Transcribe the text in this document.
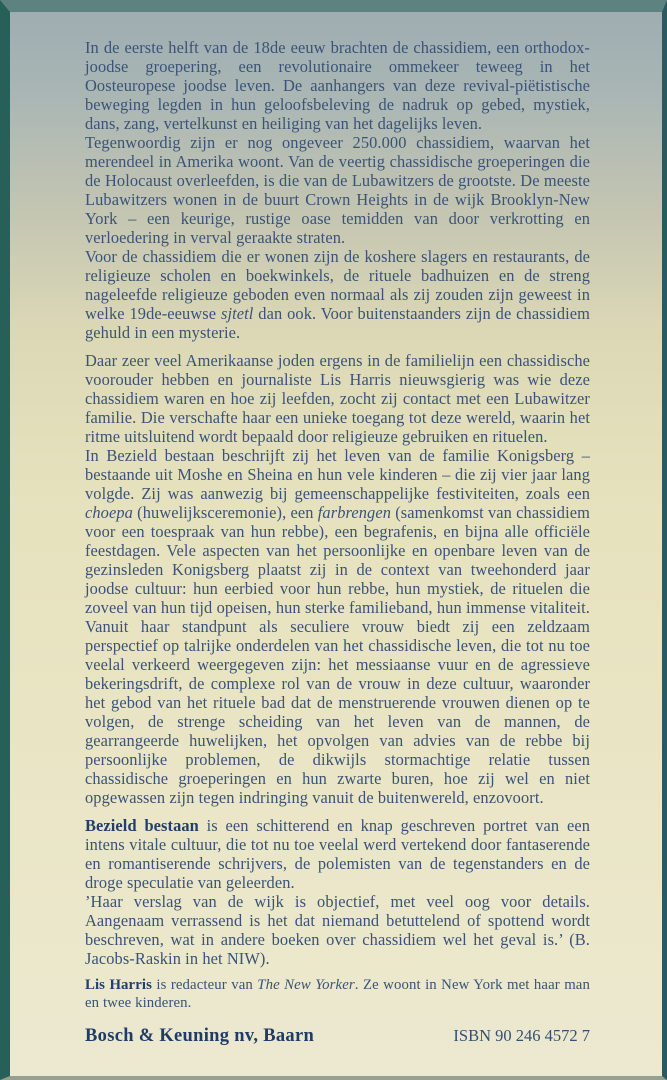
In de eerste helft van de 18de eeuw brachten de chassidiem, een orthodox-joodse groepering, een revolutionaire ommekeer teweeg in het Oosteuropese joodse leven. De aanhangers van deze revival-piëtistische beweging legden in hun geloofsbeleving de nadruk op gebed, mystiek, dans, zang, vertelkunst en heiliging van het dagelijks leven.

Tegenwoordig zijn er nog ongeveer 250.000 chassidiem, waarvan het merendeel in Amerika woont. Van de veertig chassidische groeperingen die de Holocaust overleefden, is die van de Lubawitzers de grootste. De meeste Lubawitzers wonen in de buurt Crown Heights in de wijk Brooklyn-New York – een keurige, rustige oase temidden van door verkrotting en verloedering in verval geraakte straten.

Voor de chassidiem die er wonen zijn de koshere slagers en restaurants, de religieuze scholen en boekwinkels, de rituele badhuizen en de streng nageleefde religieuze geboden even normaal als zij zouden zijn geweest in welke 19de-eeuwse sjtetl dan ook. Voor buitenstaanders zijn de chassidiem gehuld in een mysterie.

Daar zeer veel Amerikaanse joden ergens in de familielijn een chassidische voorouder hebben en journaliste Lis Harris nieuwsgierig was wie deze chassidiem waren en hoe zij leefden, zocht zij contact met een Lubawitzer familie. Die verschafte haar een unieke toegang tot deze wereld, waarin het ritme uitsluitend wordt bepaald door religieuze gebruiken en rituelen.

In Bezield bestaan beschrijft zij het leven van de familie Konigsberg – bestaande uit Moshe en Sheina en hun vele kinderen – die zij vier jaar lang volgde. Zij was aanwezig bij gemeenschappelijke festiviteiten, zoals een choepa (huwelijksceremonie), een farbrengen (samenkomst van chassidiem voor een toespraak van hun rebbe), een begrafenis, en bijna alle officiële feestdagen. Vele aspecten van het persoonlijke en openbare leven van de gezinsleden Konigsberg plaatst zij in de context van tweehonderd jaar joodse cultuur: hun eerbied voor hun rebbe, hun mystiek, de rituelen die zoveel van hun tijd opeisen, hun sterke familieband, hun immense vitaliteit. Vanuit haar standpunt als seculiere vrouw biedt zij een zeldzaam perspectief op talrijke onderdelen van het chassidische leven, die tot nu toe veelal verkeerd weergegeven zijn: het messiaanse vuur en de agressieve bekeringsdrift, de complexe rol van de vrouw in deze cultuur, waaronder het gebod van het rituele bad dat de menstruerende vrouwen dienen op te volgen, de strenge scheiding van het leven van de mannen, de gearrangeerde huwelijken, het opvolgen van advies van de rebbe bij persoonlijke problemen, de dikwijls stormachtige relatie tussen chassidische groeperingen en hun zwarte buren, hoe zij wel en niet opgewassen zijn tegen indringing vanuit de buitenwereld, enzovoort.

Bezield bestaan is een schitterend en knap geschreven portret van een intens vitale cultuur, die tot nu toe veelal werd vertekend door fantaserende en romantiserende schrijvers, de polemisten van de tegenstanders en de droge speculatie van geleerden.

’Haar verslag van de wijk is objectief, met veel oog voor details. Aangenaam verrassend is het dat niemand betuttelend of spottend wordt beschreven, wat in andere boeken over chassidiem wel het geval is.’ (B. Jacobs-Raskin in het NIW).

Lis Harris is redacteur van The New Yorker. Ze woont in New York met haar man en twee kinderen.

Bosch & Keuning nv, Baarn	ISBN 90 246 4572 7
